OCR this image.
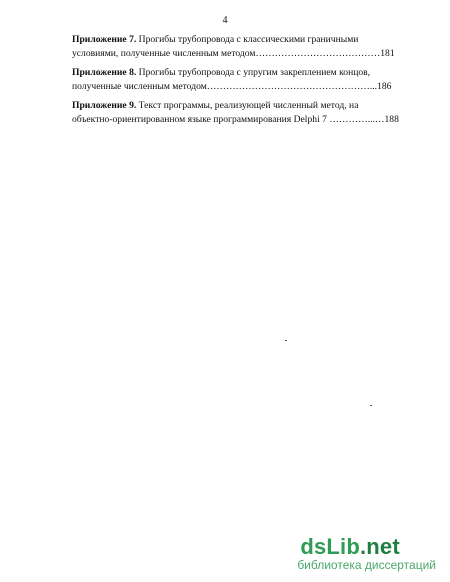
4
Приложение 7. Прогибы трубопровода с классическими граничными
условиями, полученные численным методом…………………………………181
Приложение 8. Прогибы трубопровода с упругим закреплением концов,
полученные численным методом……………………………………………...186
Приложение 9. Текст программы, реализующей численный метод, на
объектно-ориентированном языке программирования Delphi 7 …………...…188
dsLib.net
библиотека диссертаций
